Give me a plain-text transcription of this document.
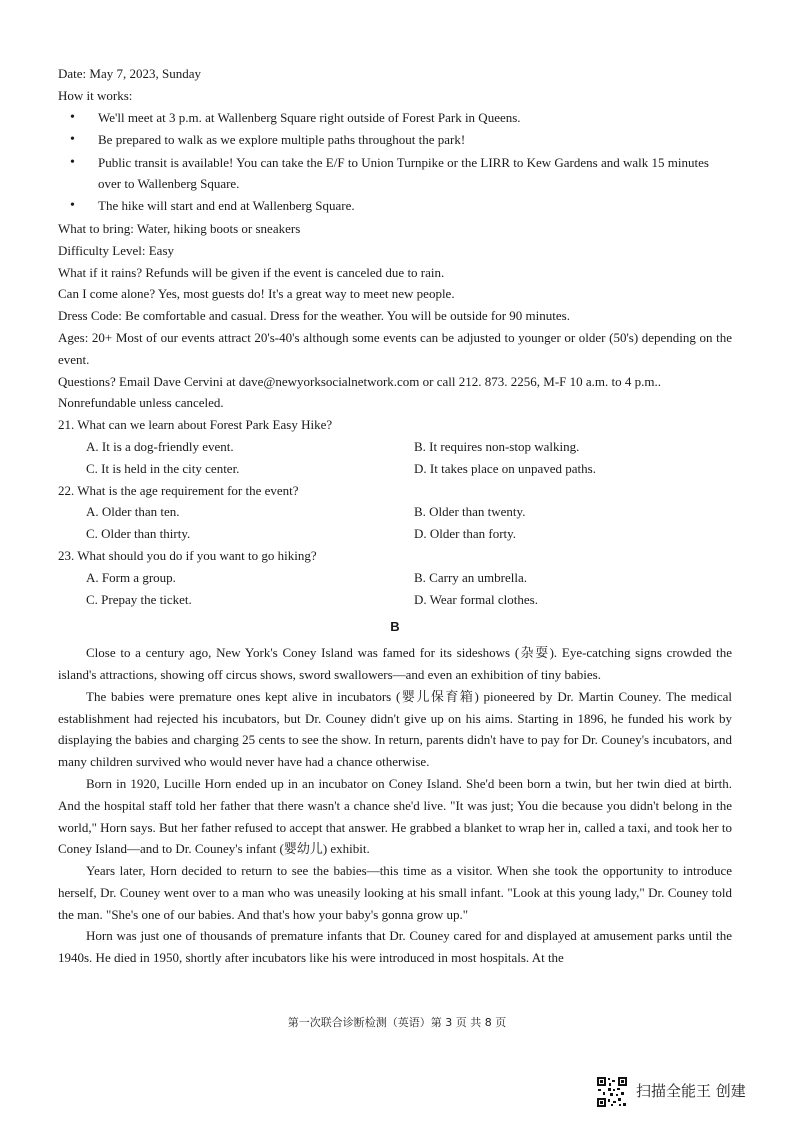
Date: May 7, 2023, Sunday
How it works:
• We'll meet at 3 p.m. at Wallenberg Square right outside of Forest Park in Queens.
• Be prepared to walk as we explore multiple paths throughout the park!
• Public transit is available! You can take the E/F to Union Turnpike or the LIRR to Kew Gardens and walk 15 minutes over to Wallenberg Square.
• The hike will start and end at Wallenberg Square.
What to bring: Water, hiking boots or sneakers
Difficulty Level: Easy
What if it rains? Refunds will be given if the event is canceled due to rain.
Can I come alone? Yes, most guests do! It's a great way to meet new people.
Dress Code: Be comfortable and casual. Dress for the weather. You will be outside for 90 minutes.
Ages: 20+ Most of our events attract 20's-40's although some events can be adjusted to younger or older (50's) depending on the event.
Questions? Email Dave Cervini at dave@newyorksocialnetwork.com or call 212. 873. 2256, M-F 10 a.m. to 4 p.m..
Nonrefundable unless canceled.
21. What can we learn about Forest Park Easy Hike?
A. It is a dog-friendly event.	B. It requires non-stop walking.
C. It is held in the city center.	D. It takes place on unpaved paths.
22. What is the age requirement for the event?
A. Older than ten.	B. Older than twenty.
C. Older than thirty.	D. Older than forty.
23. What should you do if you want to go hiking?
A. Form a group.	B. Carry an umbrella.
C. Prepay the ticket.	D. Wear formal clothes.
B

Close to a century ago, New York's Coney Island was famed for its sideshows (杂耍). Eye-catching signs crowded the island's attractions, showing off circus shows, sword swallowers—and even an exhibition of tiny babies.

The babies were premature ones kept alive in incubators (婴儿保育箱) pioneered by Dr. Martin Couney. The medical establishment had rejected his incubators, but Dr. Couney didn't give up on his aims. Starting in 1896, he funded his work by displaying the babies and charging 25 cents to see the show. In return, parents didn't have to pay for Dr. Couney's incubators, and many children survived who would never have had a chance otherwise.

Born in 1920, Lucille Horn ended up in an incubator on Coney Island. She'd been born a twin, but her twin died at birth. And the hospital staff told her father that there wasn't a chance she'd live. "It was just; You die because you didn't belong in the world," Horn says. But her father refused to accept that answer. He grabbed a blanket to wrap her in, called a taxi, and took her to Coney Island—and to Dr. Couney's infant (婴幼儿) exhibit.

Years later, Horn decided to return to see the babies—this time as a visitor. When she took the opportunity to introduce herself, Dr. Couney went over to a man who was uneasily looking at his small infant. "Look at this young lady," Dr. Couney told the man. "She's one of our babies. And that's how your baby's gonna grow up."

Horn was just one of thousands of premature infants that Dr. Couney cared for and displayed at amusement parks until the 1940s. He died in 1950, shortly after incubators like his were introduced in most hospitals. At the

第一次联合诊断检测（英语）第 3 页 共 8 页
扫描全能王 创建
